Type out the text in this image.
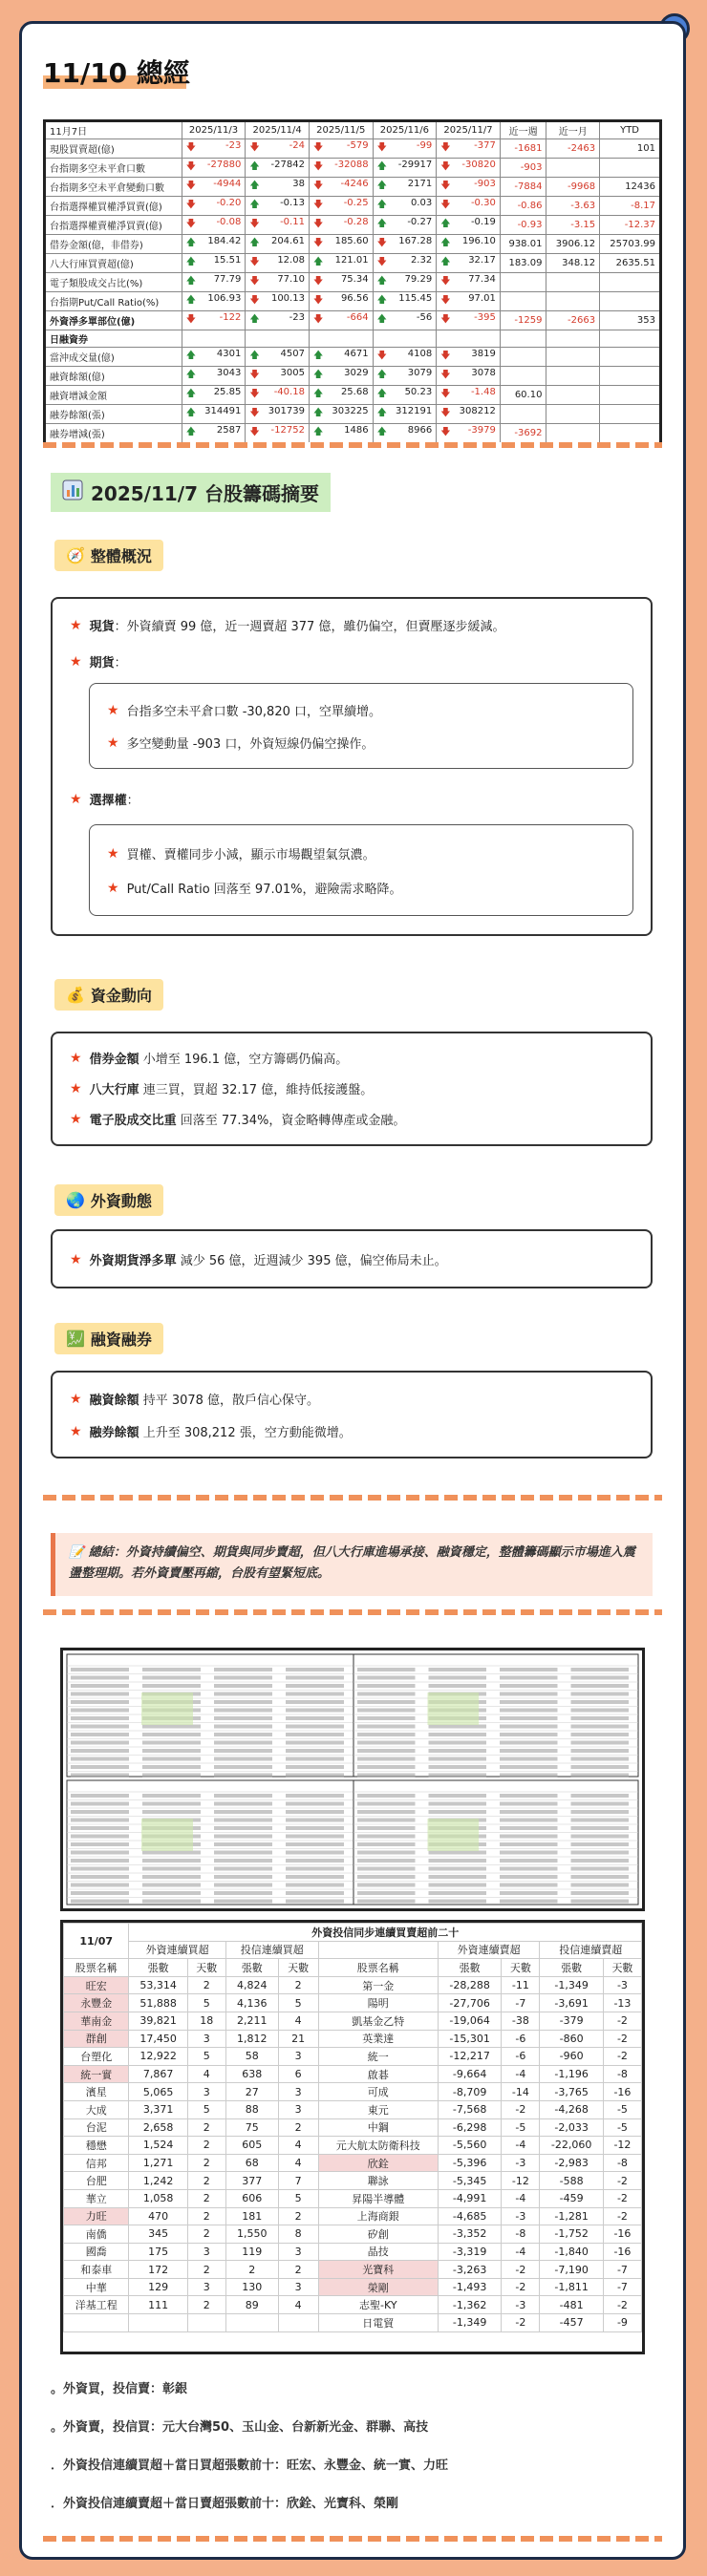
11/10 總經
11月7日	2025/11/3	2025/11/4	2025/11/5	2025/11/6	2025/11/7	近一週	近一月	YTD
現股買賣超(億)	🡇 -23	🡇 -24	🡇 -579	🡇 -99	🡇 -377	-1681	-2463	101
台指期多空未平倉口數	🡇 -27880	🡅 -27842	🡇 -32088	🡅 -29917	🡇 -30820	-903		
台指期多空未平倉變動口數	🡇 -4944	🡅 38	🡇 -4246	🡅 2171	🡇 -903	-7884	-9968	12436
台指選擇權買權淨買賣(億)	🡇 -0.20	🡅 -0.13	🡇 -0.25	🡅 0.03	🡇 -0.30	-0.86	-3.63	-8.17
台指選擇權賣權淨買賣(億)	🡇 -0.08	🡇 -0.11	🡇 -0.28	🡅 -0.27	🡅 -0.19	-0.93	-3.15	-12.37
借券金額(億，非借券)	🡅 184.42	🡅 204.61	🡇 185.60	🡇 167.28	🡅 196.10	938.01	3906.12	25703.99
八大行庫買賣超(億)	🡅 15.51	🡇 12.08	🡅 121.01	🡇 2.32	🡅 32.17	183.09	348.12	2635.51
電子類股成交占比(%)	🡅 77.79	🡇 77.10	🡇 75.34	🡅 79.29	🡇 77.34			
台指期Put/Call Ratio(%)	🡅 106.93	🡇 100.13	🡇 96.56	🡅 115.45	🡇 97.01			
外資淨多單部位(億)	🡇 -122	🡅 -23	🡇 -664	🡅 -56	🡇 -395	-1259	-2663	353
日融資券								
當沖成交量(億)	🡅 4301	🡅 4507	🡅 4671	🡇 4108	🡇 3819			
融資餘額(億)	🡅 3043	🡇 3005	🡅 3029	🡅 3079	🡇 3078			
融資增減金額	🡅 25.85	🡇 -40.18	🡅 25.68	🡅 50.23	🡇 -1.48	60.10		
融券餘額(張)	🡅 314491	🡇 301739	🡅 303225	🡅 312191	🡇 308212			
融券增減(張)	🡅 2587	🡇 -12752	🡅 1486	🡅 8966	🡇 -3979	-3692		
2025/11/7 台股籌碼摘要
🧭 整體概況
★ 現貨：外資續賣 99 億，近一週賣超 377 億，雖仍偏空，但賣壓逐步緩減。
★ 期貨：
★ 台指多空未平倉口數 -30,820 口，空單續增。
★ 多空變動量 -903 口，外資短線仍偏空操作。
★ 選擇權：
★ 買權、賣權同步小減，顯示市場觀望氣氛濃。
★ Put/Call Ratio 回落至 97.01%，避險需求略降。
💰 資金動向
★ 借券金額 小增至 196.1 億，空方籌碼仍偏高。
★ 八大行庫 連三買，買超 32.17 億，維持低接護盤。
★ 電子股成交比重 回落至 77.34%，資金略轉傳產或金融。
🌏 外資動態
★ 外資期貨淨多單 減少 56 億，近週減少 395 億，偏空佈局未止。
💹 融資融券
★ 融資餘額 持平 3078 億，散戶信心保守。
★ 融券餘額 上升至 308,212 張，空方動能微增。
📝 總結：外資持續偏空、期貨與同步賣超，但八大行庫進場承接、融資穩定，整體籌碼顯示市場進入震盪整理期。若外資賣壓再縮，台股有望緊短底。
11/07	外資投信同步連續買賣超前二十								
	外資連續買超		投信連續買超			外資連續賣超		投信連續賣超	
股票名稱	張數	天數	張數	天數	股票名稱	張數	天數	張數	天數
旺宏	53,314	2	4,824	2	第一金	-28,288	-11	-1,349	-3
永豐金	51,888	5	4,136	5	陽明	-27,706	-7	-3,691	-13
華南金	39,821	18	2,211	4	凱基金乙特	-19,064	-38	-379	-2
群創	17,450	3	1,812	21	英業達	-15,301	-6	-860	-2
台塑化	12,922	5	58	3	統一	-12,217	-6	-960	-2
統一實	7,867	4	638	6	啟碁	-9,664	-4	-1,196	-8
濱星	5,065	3	27	3	可成	-8,709	-14	-3,765	-16
大成	3,371	5	88	3	東元	-7,568	-2	-4,268	-5
台泥	2,658	2	75	2	中鋼	-6,298	-5	-2,033	-5
穩懋	1,524	2	605	4	元大航太防衛科技	-5,560	-4	-22,060	-12
信邦	1,271	2	68	4	欣銓	-5,396	-3	-2,983	-8
台肥	1,242	2	377	7	聯詠	-5,345	-12	-588	-2
華立	1,058	2	606	5	昇陽半導體	-4,991	-4	-459	-2
力旺	470	2	181	2	上海商銀	-4,685	-3	-1,281	-2
南僑	345	2	1,550	8	矽創	-3,352	-8	-1,752	-16
國喬	175	3	119	3	晶技	-3,319	-4	-1,840	-16
和泰車	172	2	2	2	光寶科	-3,263	-2	-7,190	-7
中華	129	3	130	3	榮剛	-1,493	-2	-1,811	-7
洋基工程	111	2	89	4	志聖-KY	-1,362	-3	-481	-2
					日電貿	-1,349	-2	-457	-9
。外資買，投信賣：彰銀
。外資賣，投信買：元大台灣50、玉山金、台新新光金、群聯、高技
．外資投信連續買超＋當日買超張數前十：旺宏、永豐金、統一實、力旺
．外資投信連續賣超＋當日賣超張數前十：欣銓、光寶科、榮剛
